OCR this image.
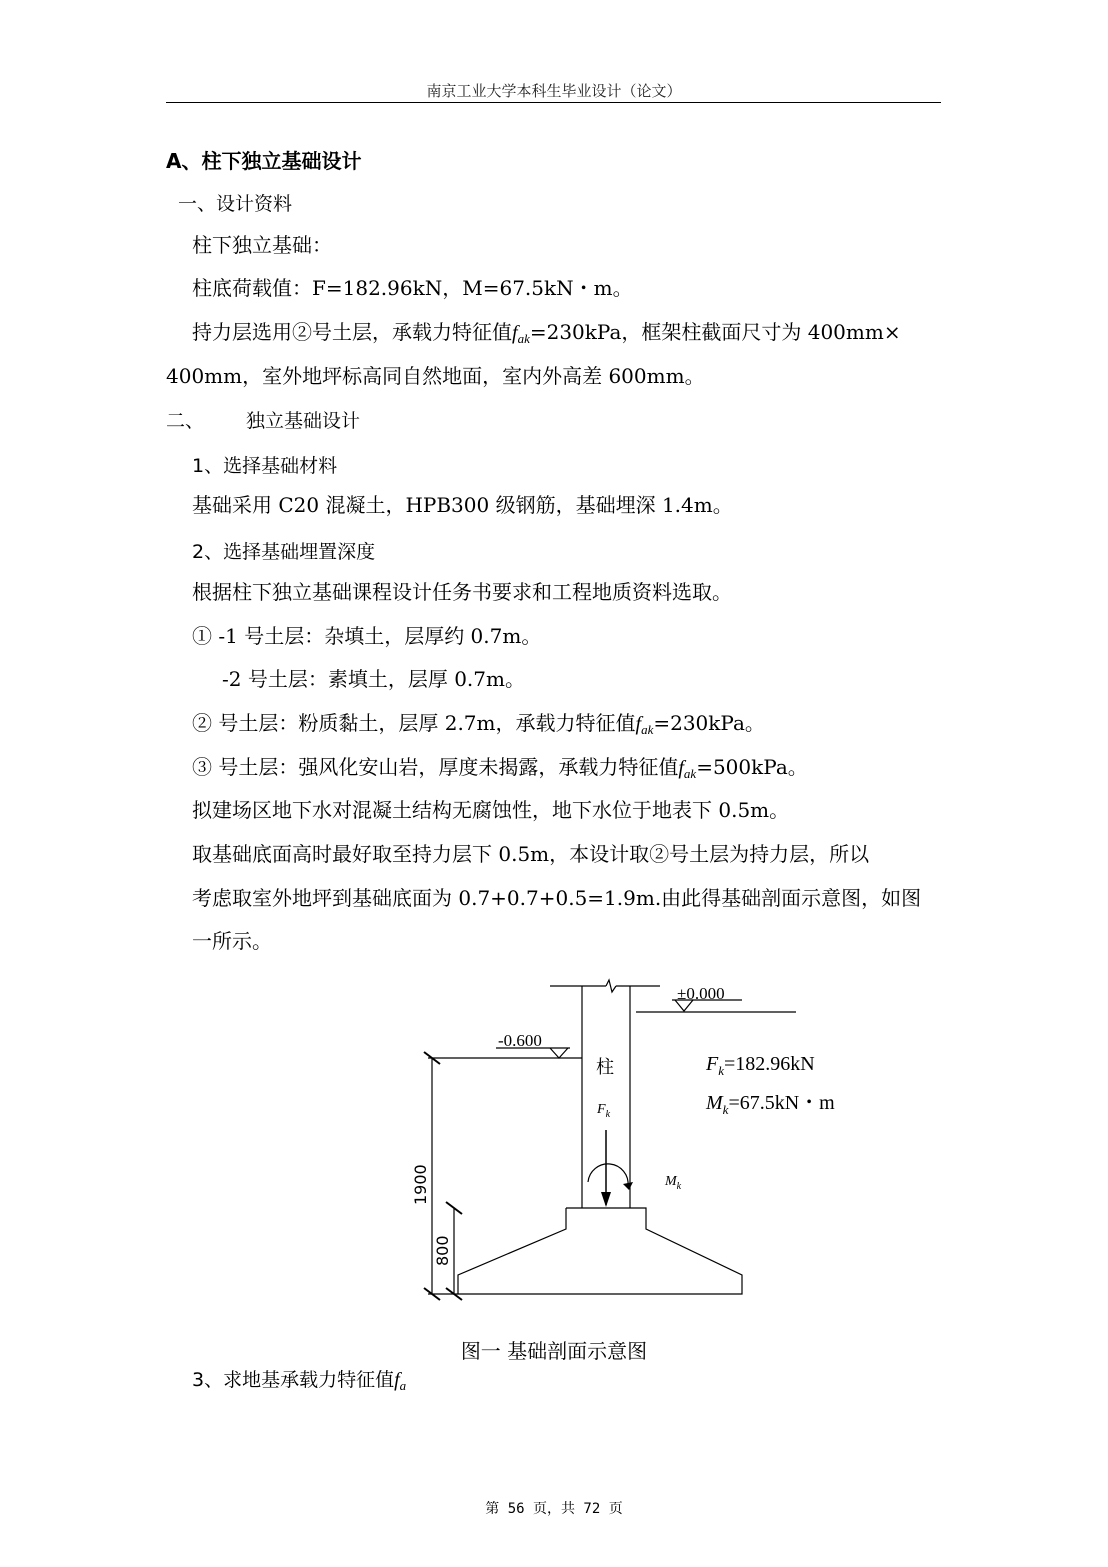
南京工业大学本科生毕业设计（论文）
A、柱下独立基础设计
一、设计资料
柱下独立基础：
柱底荷载值：F=182.96kN，M=67.5kN・m。
持力层选用②号土层，承载力特征值$f_{ak}=230kPa$，框架柱截面尺寸为 400mm×
400mm，室外地坪标高同自然地面，室内外高差 600mm。
二、 独立基础设计
1、选择基础材料
基础采用 C20 混凝土，HPB300 级钢筋，基础埋深 1.4m。
2、选择基础埋置深度
根据柱下独立基础课程设计任务书要求和工程地质资料选取。
① -1 号土层：杂填土，层厚约 0.7m。
-2 号土层：素填土，层厚 0.7m。
② 号土层：粉质黏土，层厚 2.7m，承载力特征值$f_{ak}=230kPa$。
③ 号土层：强风化安山岩，厚度未揭露，承载力特征值$f_{ak}=500kPa$。
拟建场区地下水对混凝土结构无腐蚀性，地下水位于地表下 0.5m。
取基础底面高时最好取至持力层下 0.5m，本设计取②号土层为持力层，所以
考虑取室外地坪到基础底面为 0.7+0.7+0.5=1.9m.由此得基础剖面示意图，如图
一所示。
±0.000
-0.600
柱
$F_k$
$M_k$
$F_k=182.96kN$
$M_k=67.5kN$・m
1900
800
图一 基础剖面示意图
3、求地基承载力特征值$f_a$
第 56 页，共 72 页
